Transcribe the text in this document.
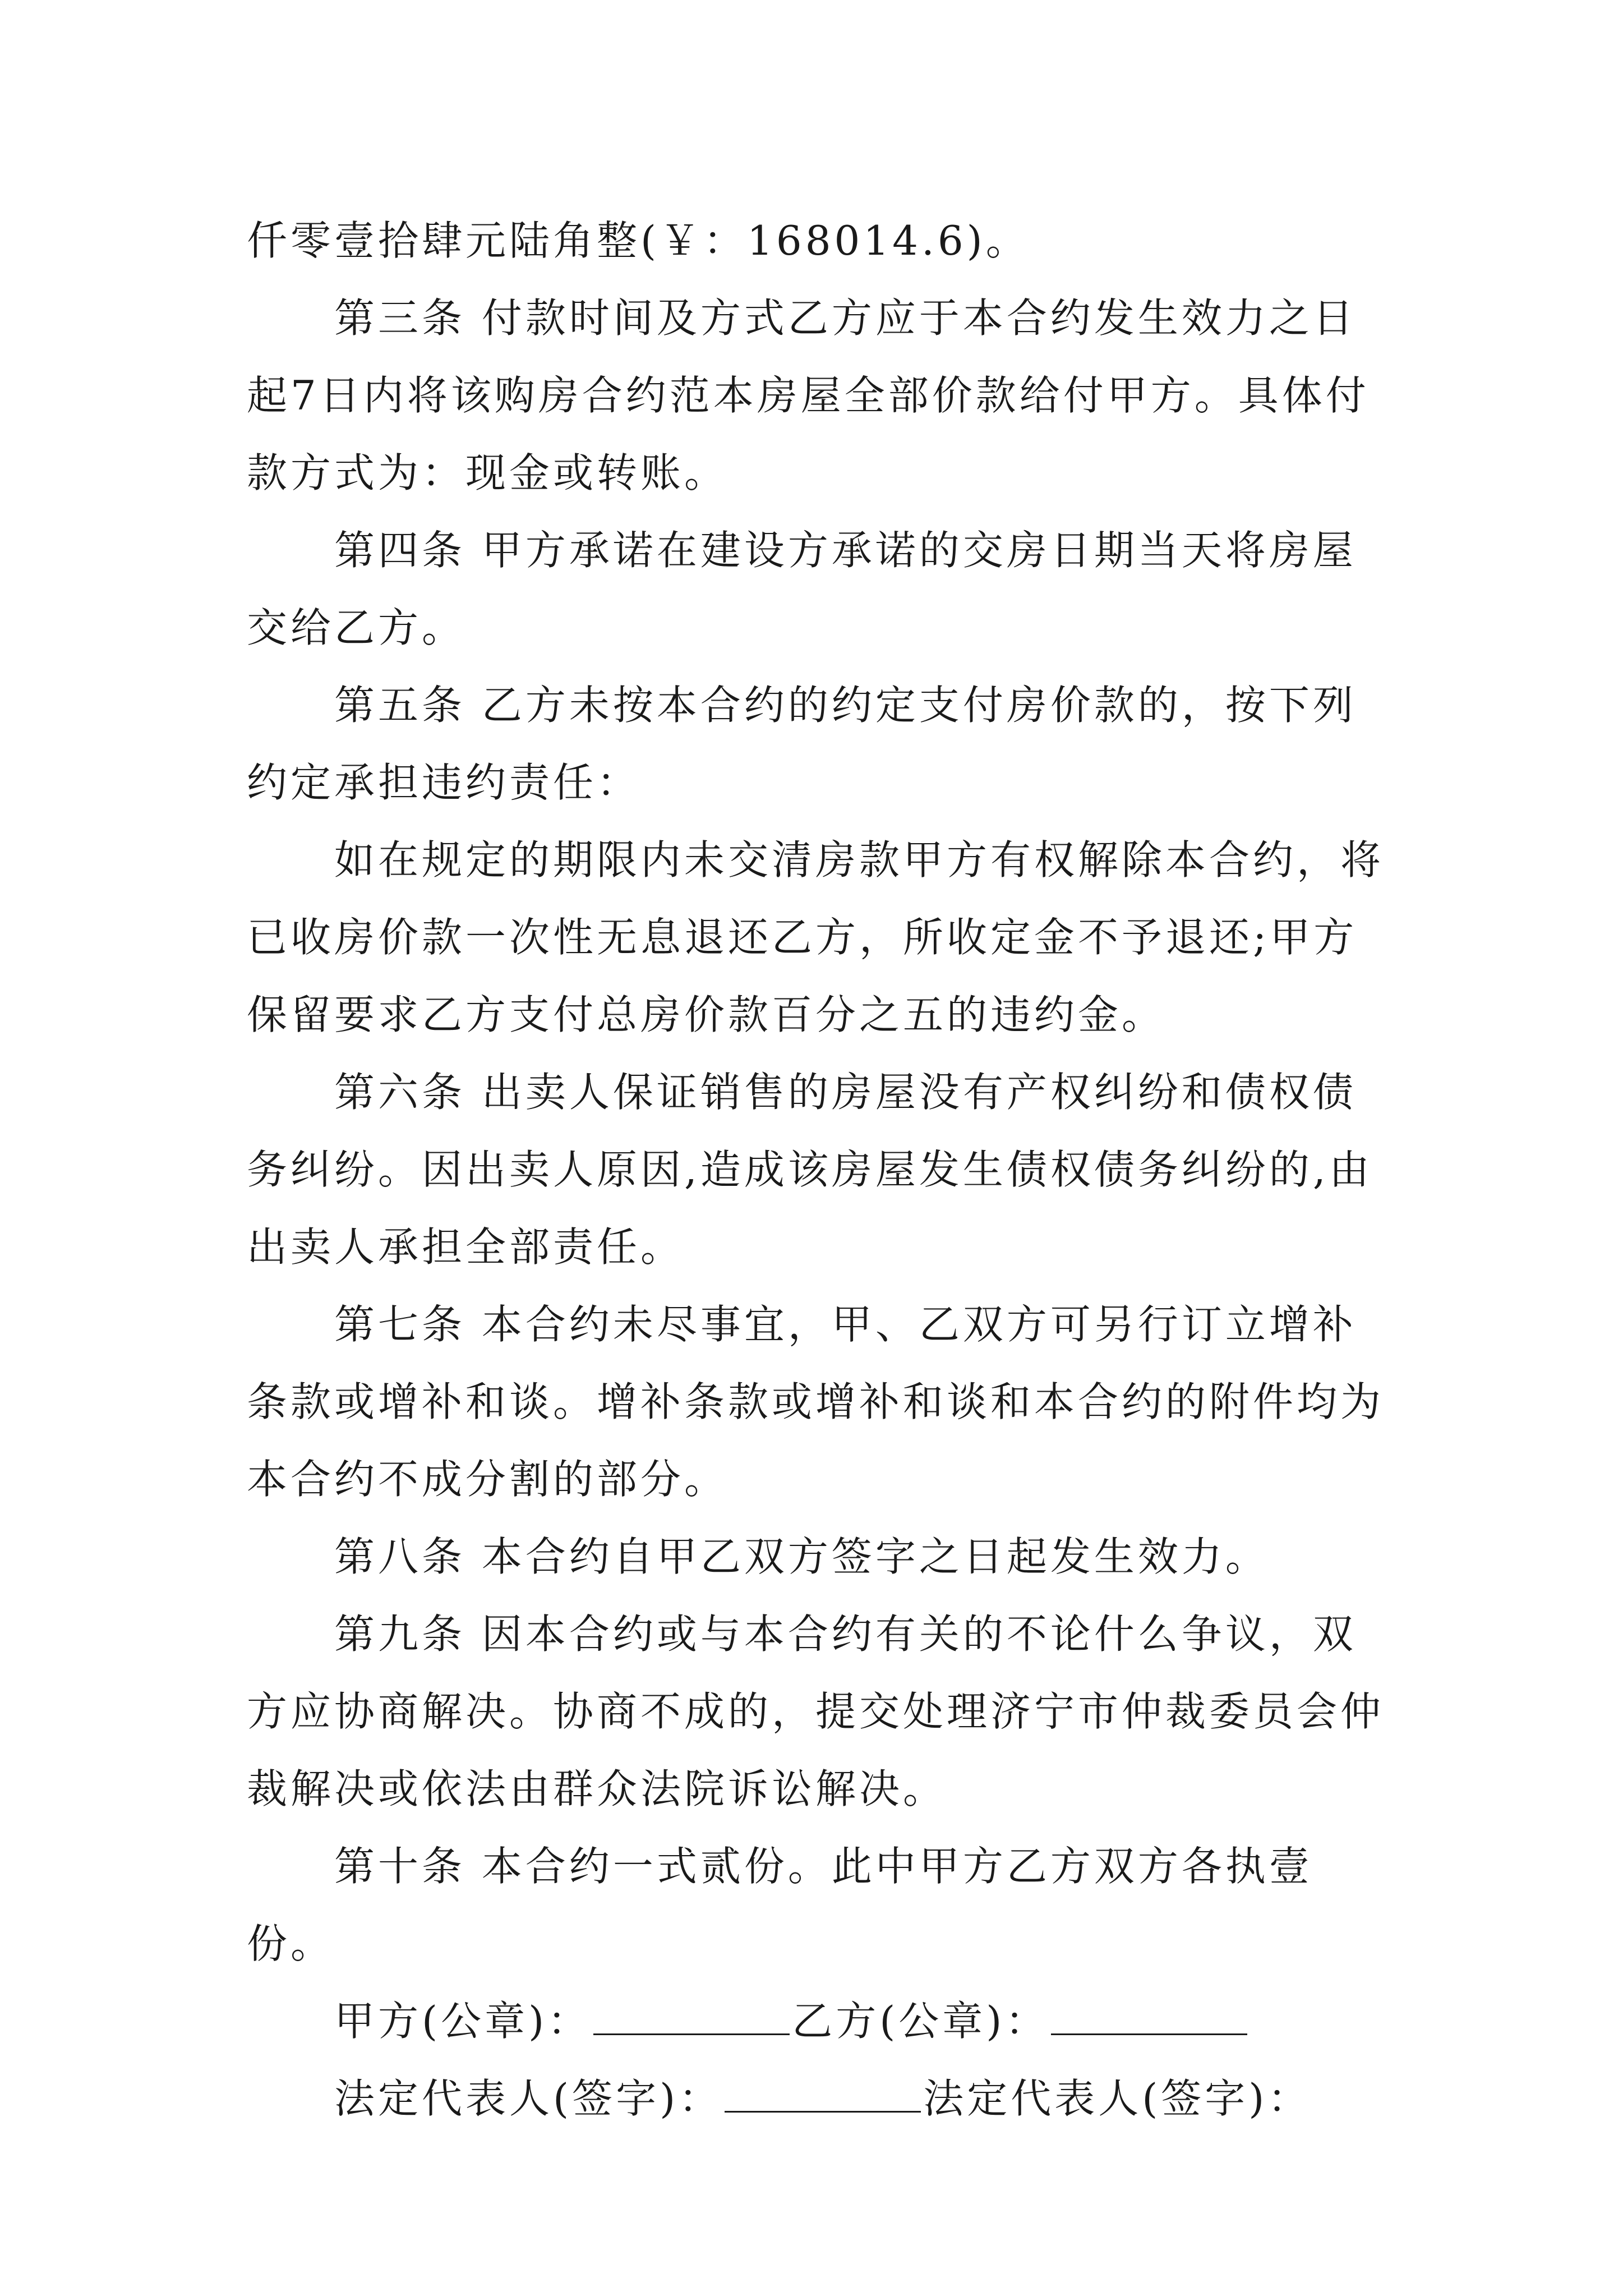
仟零壹拾肆元陆角整(￥：168014.6)。

第三条 付款时间及方式乙方应于本合约发生效力之日起7日内将该购房合约范本房屋全部价款给付甲方。具体付款方式为：现金或转账。

第四条 甲方承诺在建设方承诺的交房日期当天将房屋交给乙方。

第五条 乙方未按本合约的约定支付房价款的，按下列约定承担违约责任：

如在规定的期限内未交清房款甲方有权解除本合约，将已收房价款一次性无息退还乙方，所收定金不予退还;甲方保留要求乙方支付总房价款百分之五的违约金。

第六条 出卖人保证销售的房屋没有产权纠纷和债权债务纠纷。因出卖人原因,造成该房屋发生债权债务纠纷的,由出卖人承担全部责任。

第七条 本合约未尽事宜，甲、乙双方可另行订立增补条款或增补和谈。增补条款或增补和谈和本合约的附件均为本合约不成分割的部分。

第八条 本合约自甲乙双方签字之日起发生效力。

第九条 因本合约或与本合约有关的不论什么争议，双方应协商解决。协商不成的，提交处理济宁市仲裁委员会仲裁解决或依法由群众法院诉讼解决。

第十条 本合约一式贰份。此中甲方乙方双方各执壹份。

甲方(公章)：	乙方(公章)：

法定代表人(签字)：	法定代表人(签字)：
